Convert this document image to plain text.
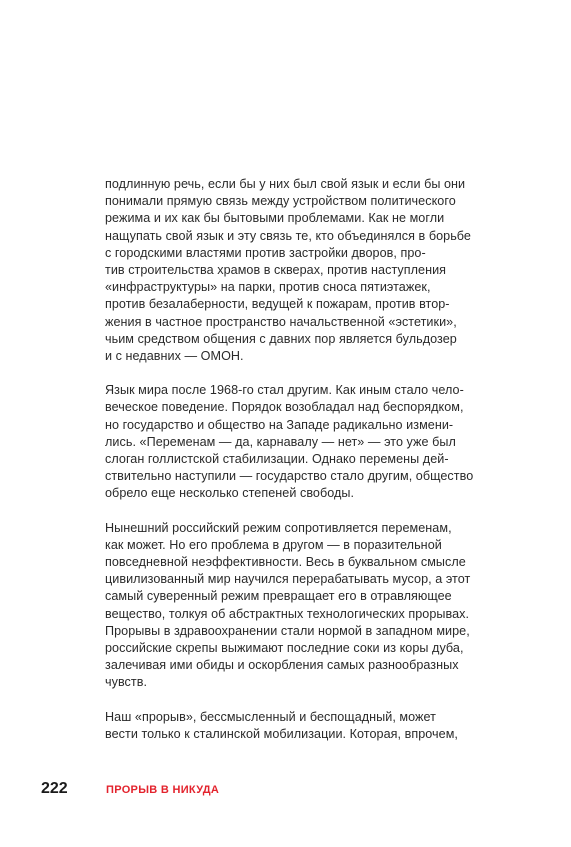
подлинную речь, если бы у них был свой язык и если бы они
понимали прямую связь между устройством политического
режима и их как бы бытовыми проблемами. Как не могли
нащупать свой язык и эту связь те, кто объединялся в борьбе
с городскими властями против застройки дворов, про-
тив строительства храмов в скверах, против наступления
«инфраструктуры» на парки, против сноса пятиэтажек,
против безалаберности, ведущей к пожарам, против втор-
жения в частное пространство начальственной «эстетики»,
чьим средством общения с давних пор является бульдозер
и с недавних — ОМОН.

Язык мира после 1968-го стал другим. Как иным стало чело-
веческое поведение. Порядок возобладал над беспорядком,
но государство и общество на Западе радикально измени-
лись. «Переменам — да, карнавалу — нет» — это уже был
слоган голлистской стабилизации. Однако перемены дей-
ствительно наступили — государство стало другим, общество
обрело еще несколько степеней свободы.

Нынешний российский режим сопротивляется переменам,
как может. Но его проблема в другом — в поразительной
повседневной неэффективности. Весь в буквальном смысле
цивилизованный мир научился перерабатывать мусор, а этот
самый суверенный режим превращает его в отравляющее
вещество, толкуя об абстрактных технологических прорывах.
Прорывы в здравоохранении стали нормой в западном мире,
российские скрепы выжимают последние соки из коры дуба,
залечивая ими обиды и оскорбления самых разнообразных
чувств.

Наш «прорыв», бессмысленный и беспощадный, может
вести только к сталинской мобилизации. Которая, впрочем,

222	ПРОРЫВ В НИКУДА
